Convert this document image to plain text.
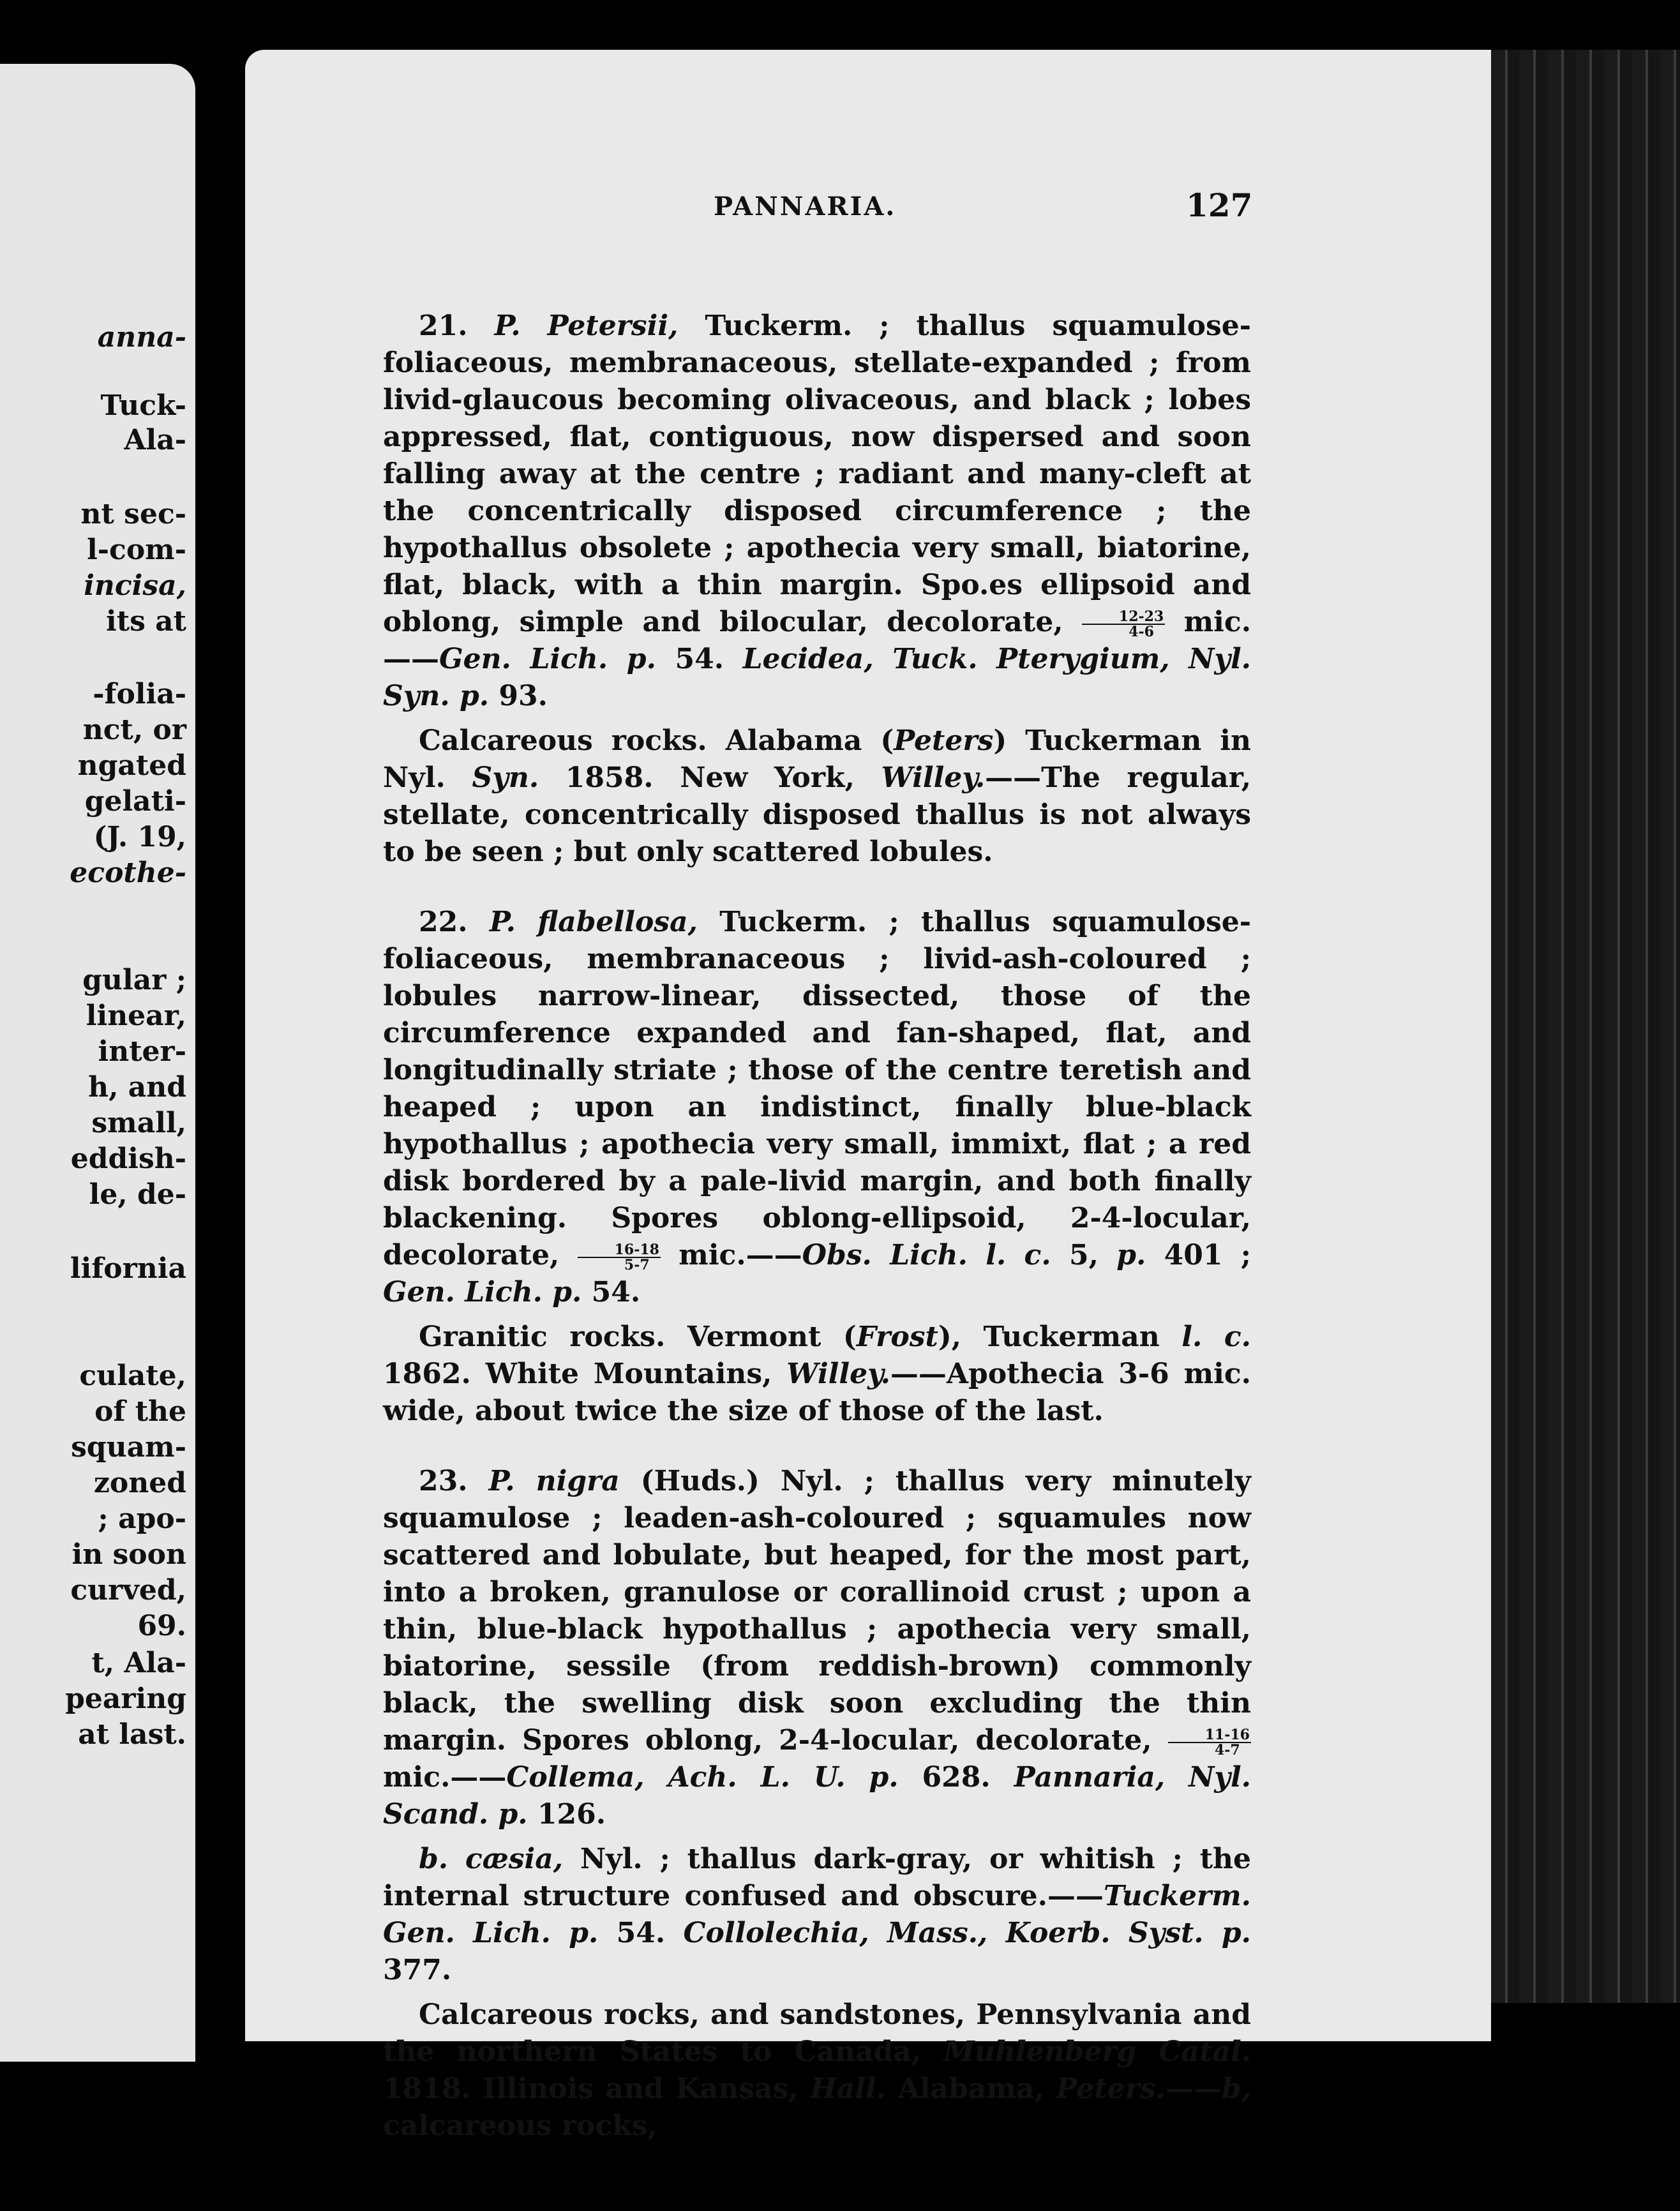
anna-
Tuck-
Ala-
nt sec-
l-com-
incisa,
its at
-folia-
nct, or
ngated
gelati-
(J. 19,
ecothe-
gular ;
linear,
inter-
h, and
small,
eddish-
le, de-
lifornia
culate,
of the
squam-
zoned
; apo-
in soon
curved,
69.
t, Ala-
pearing
at last.
PANNARIA.	127

21. P. Petersii, Tuckerm. ; thallus squamulose-foliaceous, membranaceous, stellate-expanded ; from livid-glaucous becoming olivaceous, and black ; lobes appressed, flat, contiguous, now dispersed and soon falling away at the centre ; radiant and many-cleft at the concentrically disposed circumference ; the hypothallus obsolete ; apothecia very small, biatorine, flat, black, with a thin margin. Spo.es ellipsoid and oblong, simple and bilocular, decolorate, $\frac{12-23}{4-6}$ mic.——Gen. Lich. p. 54. Lecidea, Tuck. Pterygium, Nyl. Syn. p. 93.

Calcareous rocks. Alabama (Peters) Tuckerman in Nyl. Syn. 1858. New York, Willey.——The regular, stellate, concentrically disposed thallus is not always to be seen ; but only scattered lobules.

22. P. flabellosa, Tuckerm. ; thallus squamulose-foliaceous, membranaceous ; livid-ash-coloured ; lobules narrow-linear, dissected, those of the circumference expanded and fan-shaped, flat, and longitudinally striate ; those of the centre teretish and heaped ; upon an indistinct, finally blue-black hypothallus ; apothecia very small, immixt, flat ; a red disk bordered by a pale-livid margin, and both finally blackening. Spores oblong-ellipsoid, 2-4-locular, decolorate, $\frac{16-18}{5-7}$ mic.——Obs. Lich. l. c. 5, p. 401 ; Gen. Lich. p. 54.

Granitic rocks. Vermont (Frost), Tuckerman l. c. 1862. White Mountains, Willey.——Apothecia 3-6 mic. wide, about twice the size of those of the last.

23. P. nigra (Huds.) Nyl. ; thallus very minutely squamulose ; leaden-ash-coloured ; squamules now scattered and lobulate, but heaped, for the most part, into a broken, granulose or corallinoid crust ; upon a thin, blue-black hypothallus ; apothecia very small, biatorine, sessile (from reddish-brown) commonly black, the swelling disk soon excluding the thin margin. Spores oblong, 2-4-locular, decolorate, $\frac{11-16}{4-7}$
mic.——Collema, Ach. L. U. p. 628. Pannaria, Nyl. Scand. p. 126.

b. cæsia, Nyl. ; thallus dark-gray, or whitish ; the internal structure confused and obscure.——Tuckerm. Gen. Lich. p. 54. Collolechia, Mass., Koerb. Syst. p. 377.

Calcareous rocks, and sandstones, Pennsylvania and the northern States to Canada, Muhlenberg Catal. 1818. Illinois and Kansas, Hall. Alabama, Peters.——b, calcareous rocks,
